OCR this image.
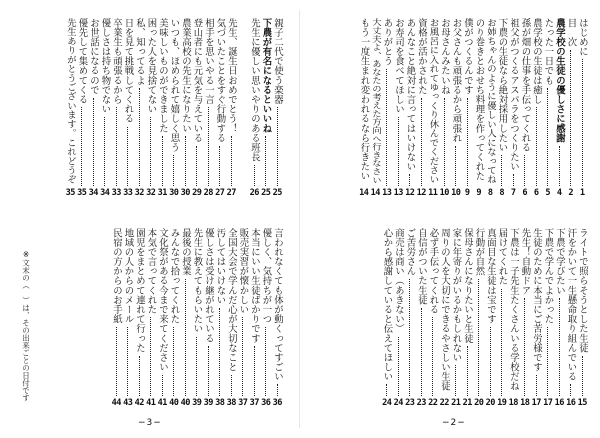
親子二代で使う楽器
25
下農が有名になるといいね
25
先生に優しい思いやりのある班長
26
先生、誕生日おめでとう！
27
気づいたことをすぐ行動する
27
相手を思いやる一言
28
登山者にも元気を与えている
29
農業高校の先生になりたい
30
いつも、ほめられて嬉しく思う
30
美味しいものができました
31
困った人を見捨てない
32
私、知ってるよ
32
日を見て挑戦してくれる
33
卒業生も頑張るから
33
優しさは持ち物でない
34
お世話になるので
34
優先して集めてくる
35
先生ありがとうございます。これどうぞ
35
言われなくても体が動くってすごい
36
優しく、気持ちが一つ
36
本当にいい生徒ばかりです
37
販売実習が懐かしい
37
全国大会で学んだ心が大切なこと
38
汚してはいけない
38
優しさは受け継がれている
39
先生に教えてもらいたい
39
最後の授業
40
みんなで拾ってくれた
40
文化祭がある今まで来てください
41
本気で言ってくれた
41
園児をまとめて連れて行った
42
地域の人からのメール
43
民宿の方からのお手紙
44
※文末の（　）は、その出来ごとの日付です
−3−
はじめに
1
目　次
2
農学校の生徒の優しさに感謝
4
たった一日でも
5
農学校の生徒は癒し
6
孫が畑の仕事を手伝ってくれる
6
祖父がつくるアスパラをつくりたい
7
下農の生徒なら絶対採用したい
8
お姉ちゃんのように優しい人になってね
8
のり巻きとおせち料理を作ってくれた
9
僕がつくるんです
9
お父さんも頑張るから頑張れ
10
お母さんみたいね
10
お風呂に入れてゆっくり休んでください
11
資格が活かされた
12
あんなこと絶対に言ってはいけない
12
お寿司を食べてほしい
13
ありがとう
13
大丈夫よ、あなたの考えた方向へ行きなさい
14
もう一度生まれ変われるなら行きたい
14
ライトで照らそうとした生徒
15
汗をかいて一生懸命取り組んでいる
16
下農で学びたい
16
下農で学んでよかった
17
生徒のために本当にご苦労様です
17
先生！自動ドア
18
下農は一子先生たくさんいる学校だね
18
届けてくれた
19
真面目な生徒は宝です
20
行動が自然
20
保母さんになりたいと生徒
21
家に年寄りがいるかもしれない
21
周りの人を大切にできるやさしい生徒
22
必ず手伝ってくれる
22
自信がついた生徒
23
ご苦労さん
23
商売は商い（あきない）
24
心から感謝していると伝えてほしい
24
−2−
